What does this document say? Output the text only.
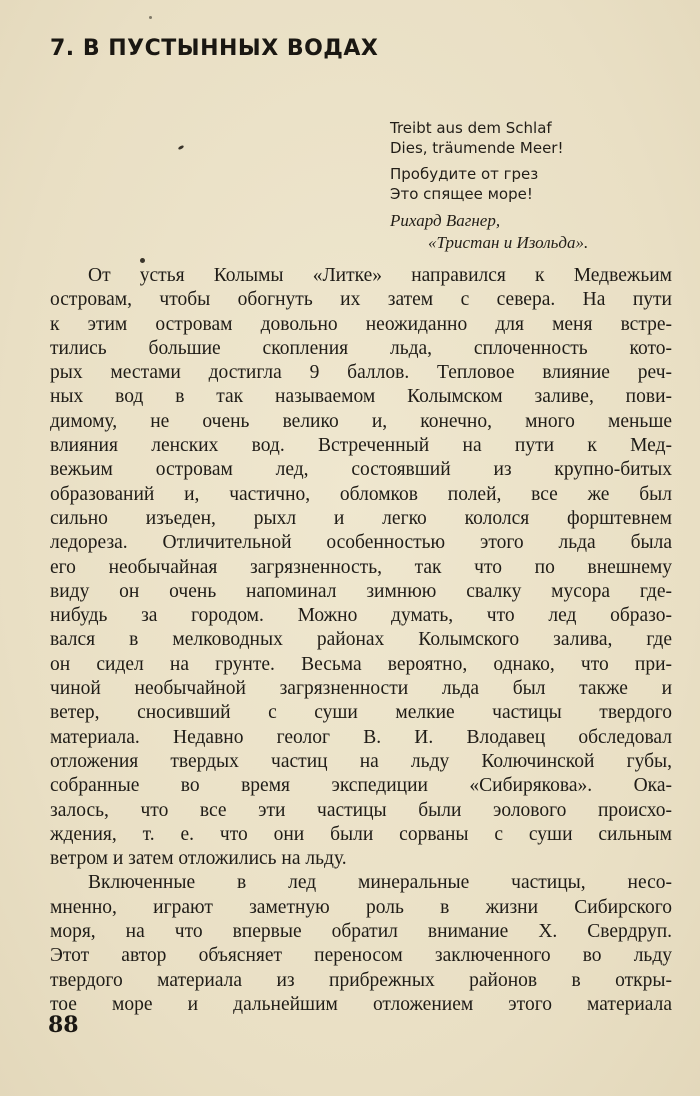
7. В ПУСТЫННЫХ ВОДАХ
Treibt aus dem Schlaf
Dies, träumende Meer!
Пробудите от грез
Это спящее море!
Рихард Вагнер,
«Тристан и Изольда».
От устья Колымы «Литке» направился к Медвежьим
островам, чтобы обогнуть их затем с севера. На пути
к этим островам довольно неожиданно для меня встре-
тились большие скопления льда, сплоченность кото-
рых местами достигла 9 баллов. Тепловое влияние реч-
ных вод в так называемом Колымском заливе, пови-
димому, не очень велико и, конечно, много меньше
влияния ленских вод. Встреченный на пути к Мед-
вежьим островам лед, состоявший из крупно-битых
образований и, частично, обломков полей, все же был
сильно изъеден, рыхл и легко кололся форштевнем
ледореза. Отличительной особенностью этого льда была
его необычайная загрязненность, так что по внешнему
виду он очень напоминал зимнюю свалку мусора где-
нибудь за городом. Можно думать, что лед образо-
вался в мелководных районах Колымского залива, где
он сидел на грунте. Весьма вероятно, однако, что при-
чиной необычайной загрязненности льда был также и
ветер, сносивший с суши мелкие частицы твердого
материала. Недавно геолог В. И. Влодавец обследовал
отложения твердых частиц на льду Колючинской губы,
собранные во время экспедиции «Сибирякова». Ока-
залось, что все эти частицы были эолового происхо-
ждения, т. е. что они были сорваны с суши сильным
ветром и затем отложились на льду.
Включенные в лед минеральные частицы, несо-
мненно, играют заметную роль в жизни Сибирского
моря, на что впервые обратил внимание Х. Свердруп.
Этот автор объясняет переносом заключенного во льду
твердого материала из прибрежных районов в откры-
тое море и дальнейшим отложением этого материала
88
